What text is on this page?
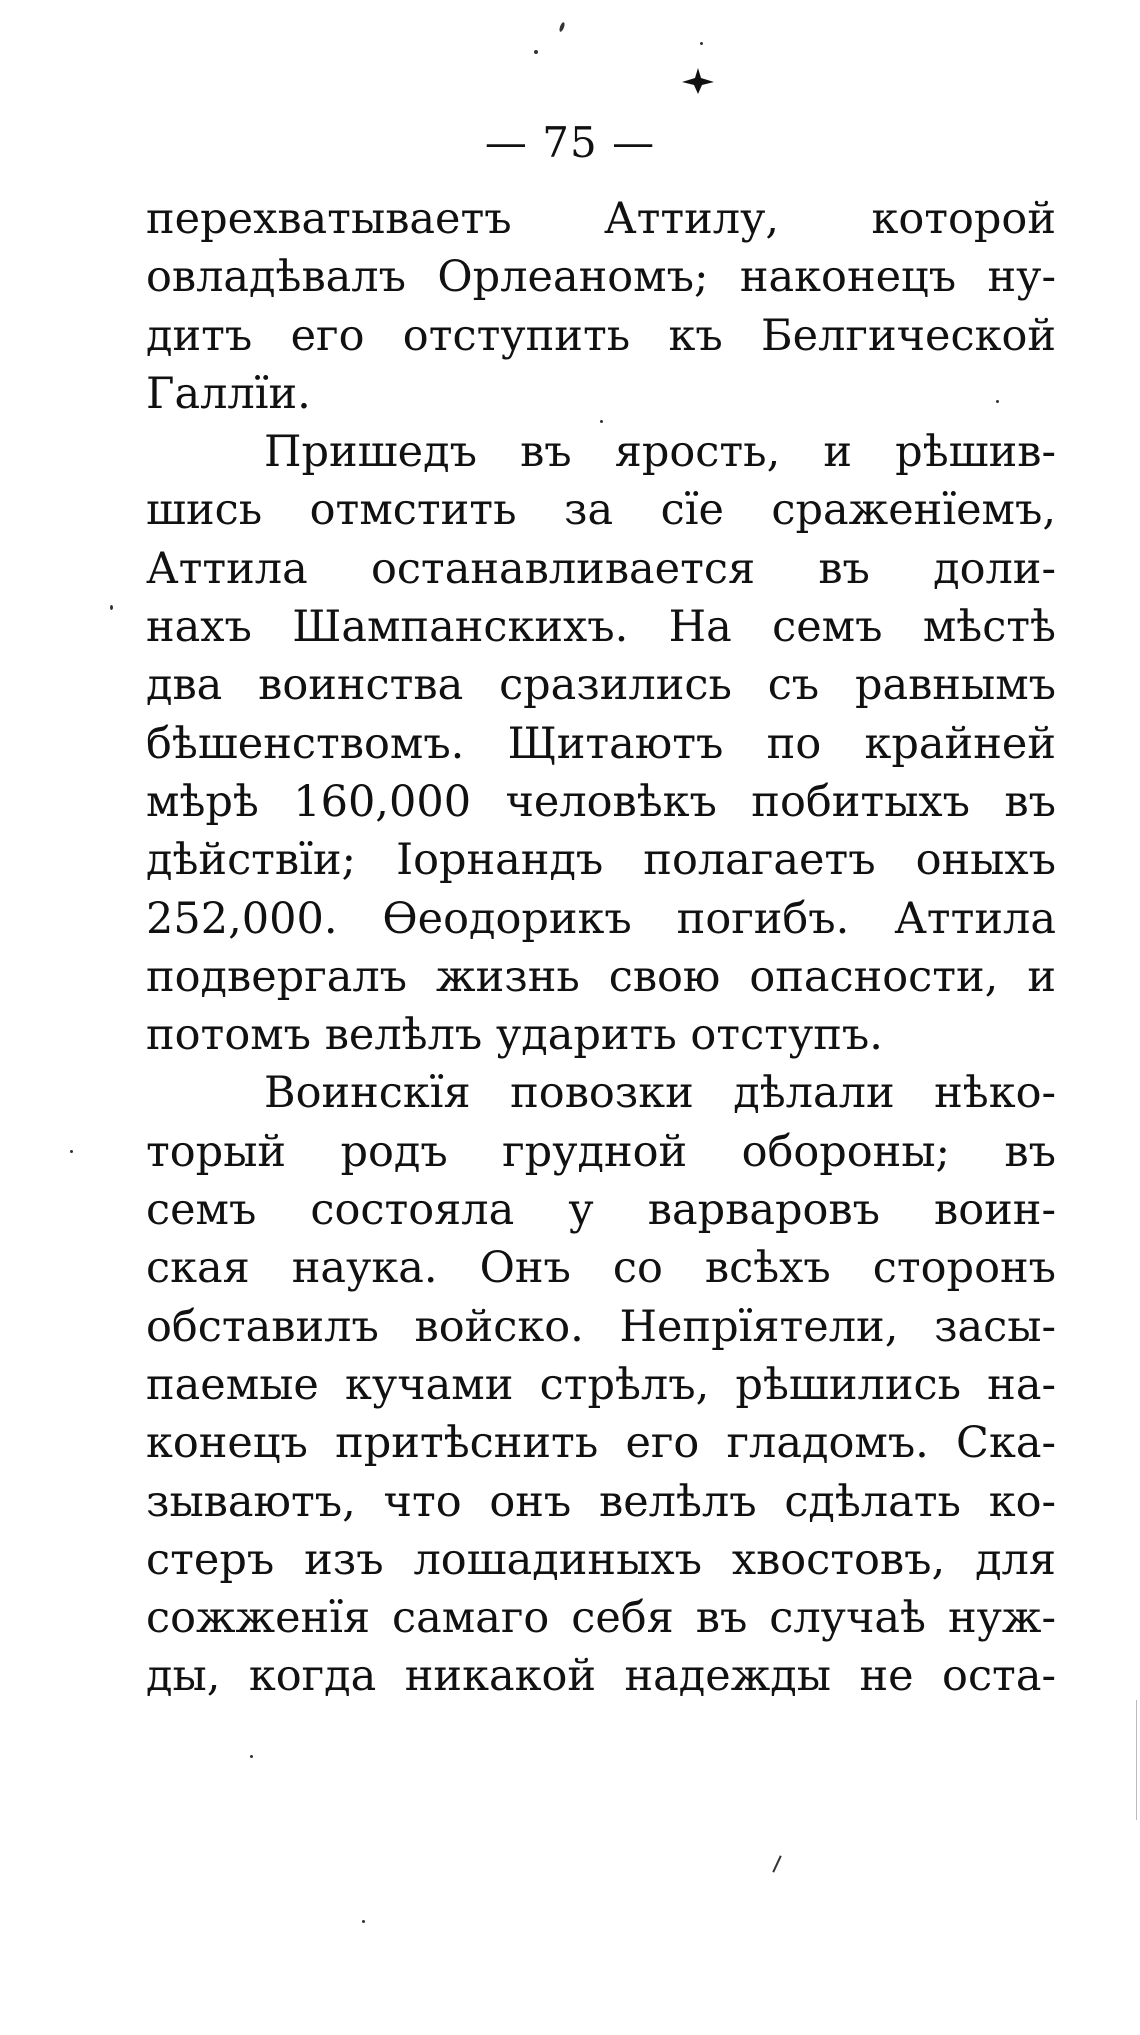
— 75 —
перехватываетъ Аттилу, которой
овладѣвалъ Орлеаномъ; наконецъ ну-
дитъ его отступить къ Белгической
Галлїи.
Пришедъ въ ярость, и рѣшив-
шись отмстить за сїе сраженїемъ,
Аттила останавливается въ доли-
нахъ Шампанскихъ. На семъ мѣстѣ
два воинства сразились съ равнымъ
бѣшенствомъ. Щитаютъ по крайней
мѣрѣ 160,000 человѣкъ побитыхъ въ
дѣйствїи; Іорнандъ полагаетъ оныхъ
252,000. Ѳеодорикъ погибъ. Аттила
подвергалъ жизнь свою опасности, и
потомъ велѣлъ ударить отступъ.
Воинскїя повозки дѣлали нѣко-
торый родъ грудной обороны; въ
семъ состояла у варваровъ воин-
ская наука. Онъ со всѣхъ сторонъ
обставилъ войско. Непрїятели, засы-
паемые кучами стрѣлъ, рѣшились на-
конецъ притѣснить его гладомъ. Ска-
зываютъ, что онъ велѣлъ сдѣлать ко-
стеръ изъ лошадиныхъ хвостовъ, для
сожженїя самаго себя въ случаѣ нуж-
ды, когда никакой надежды не оста-
